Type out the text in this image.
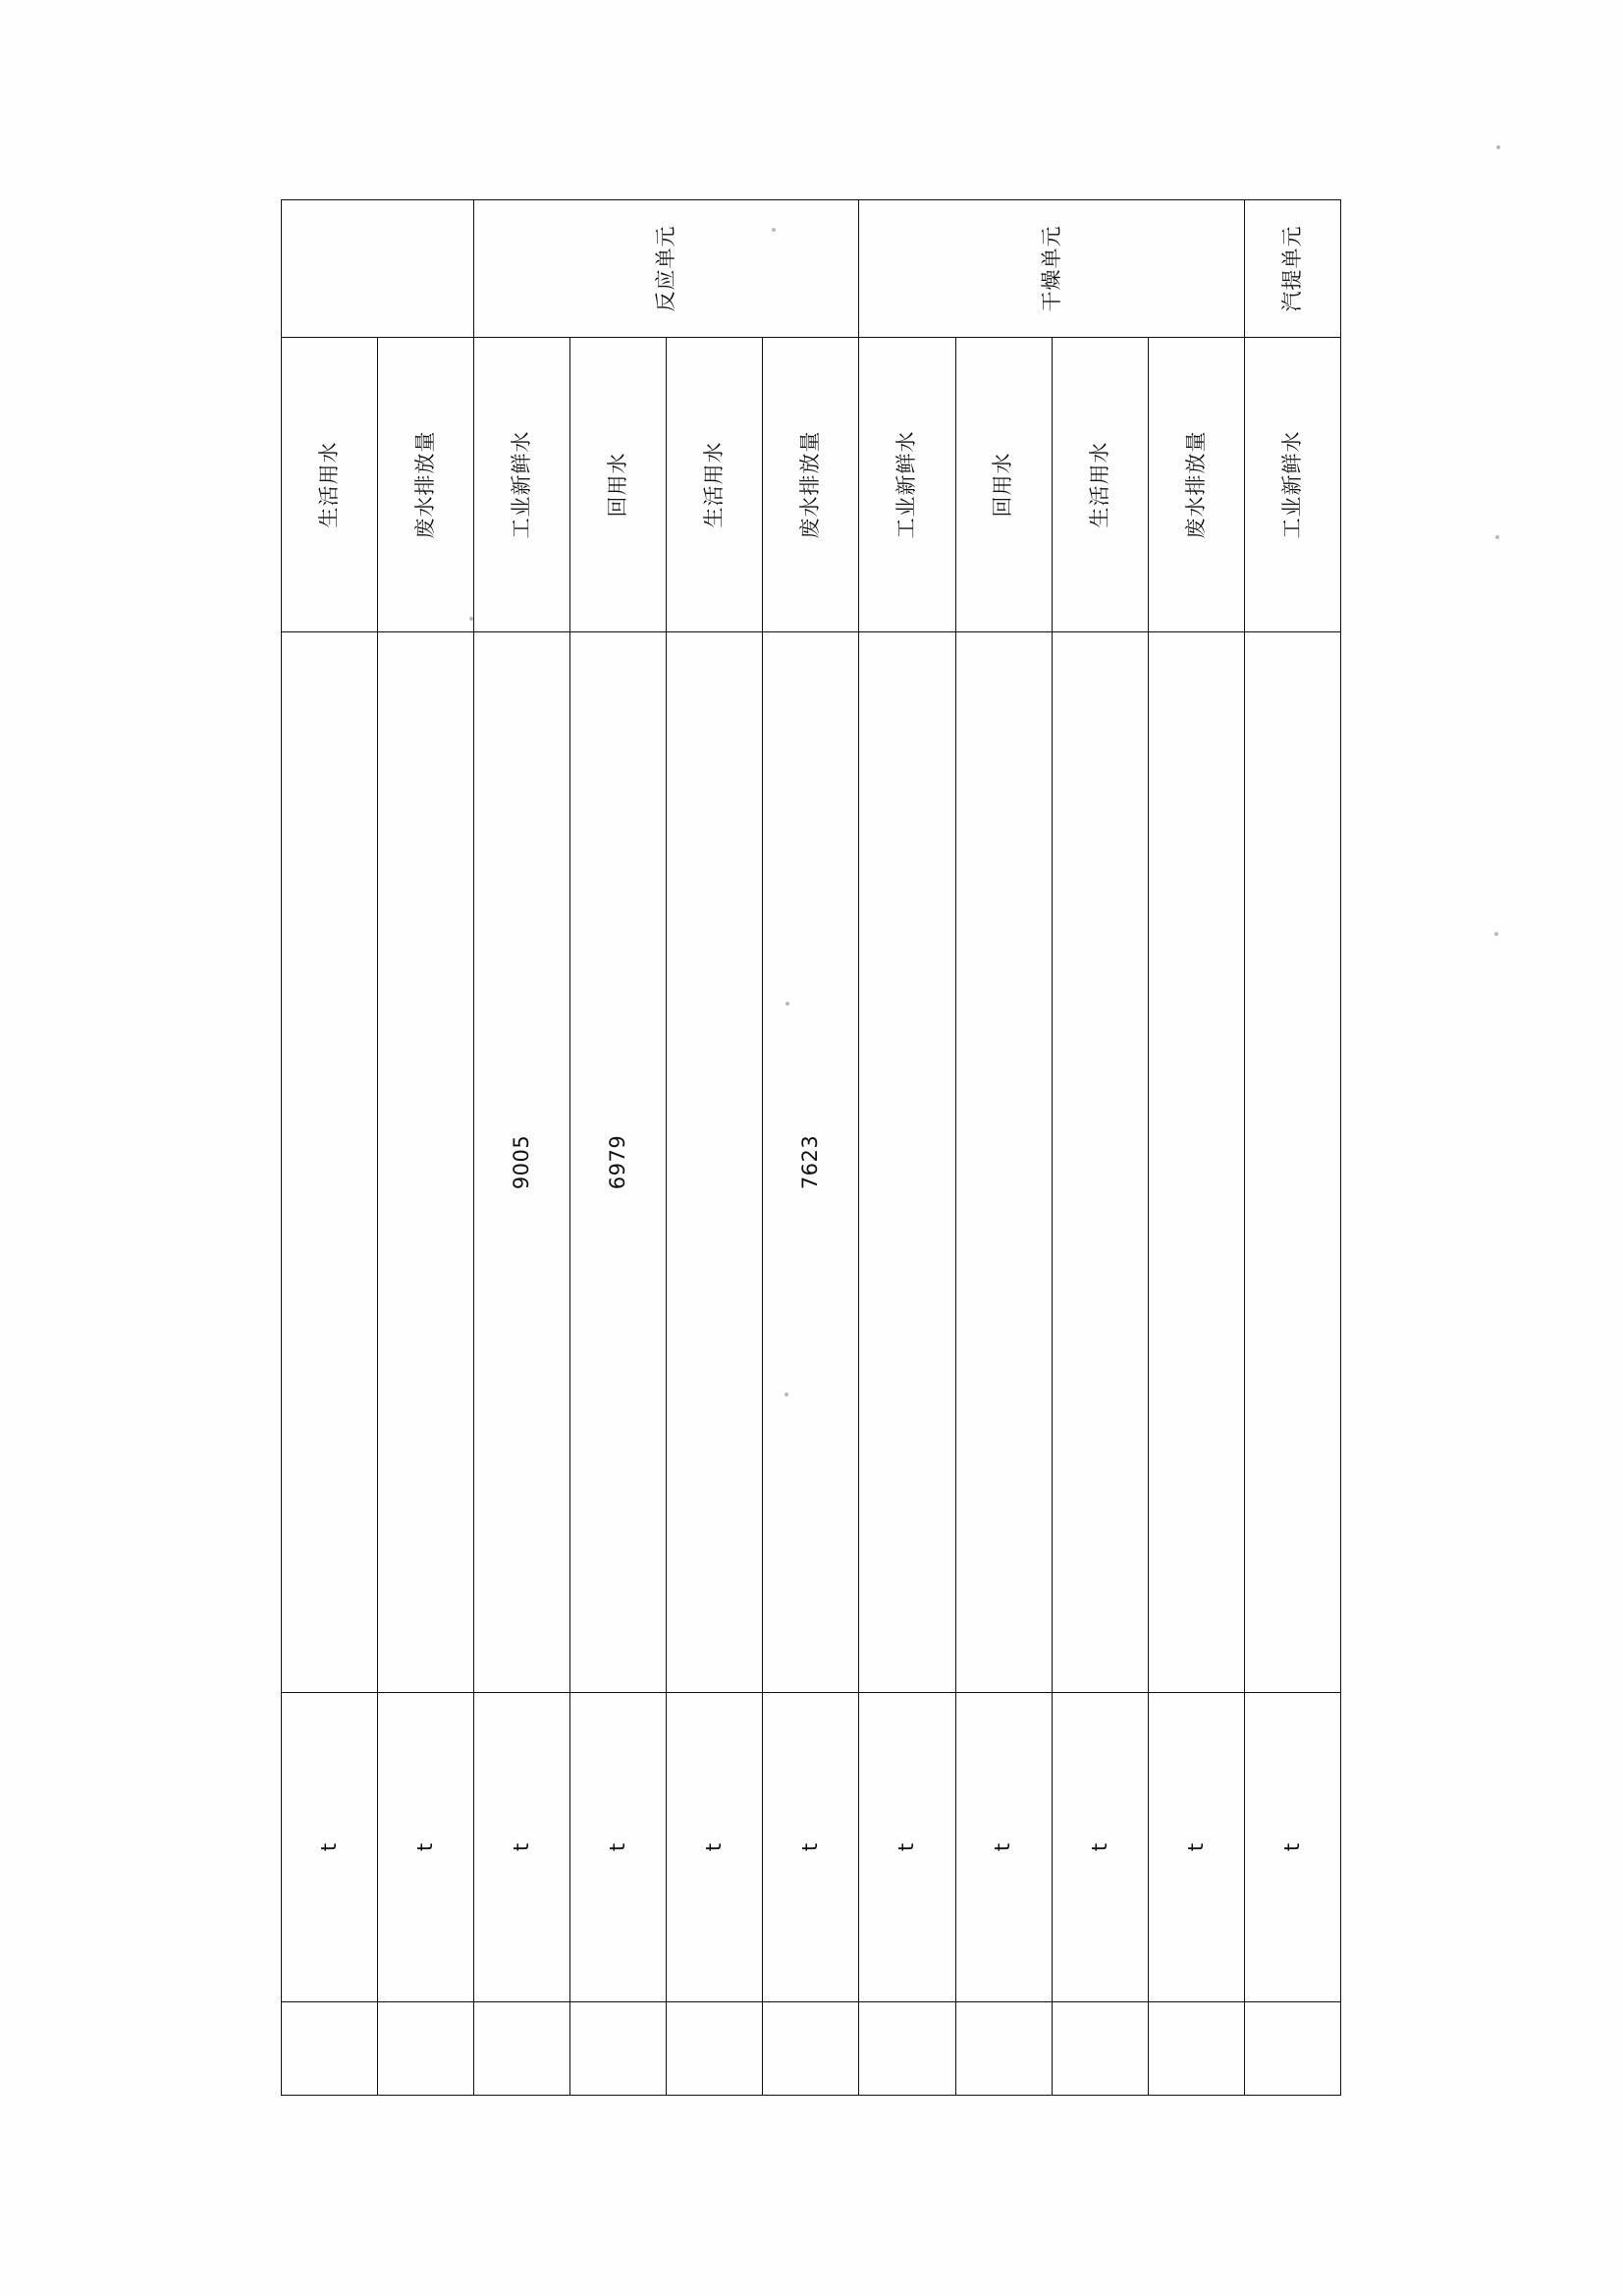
	t		生活用水	
	t		废水排放量	
	t	9005	工业新鲜水	反应单元
	t	6979	回用水	
	t		生活用水	
	t	7623	废水排放量	
	t		工业新鲜水	干燥单元
	t		回用水	
	t		生活用水	
	t		废水排放量	
	t		工业新鲜水	汽提单元
